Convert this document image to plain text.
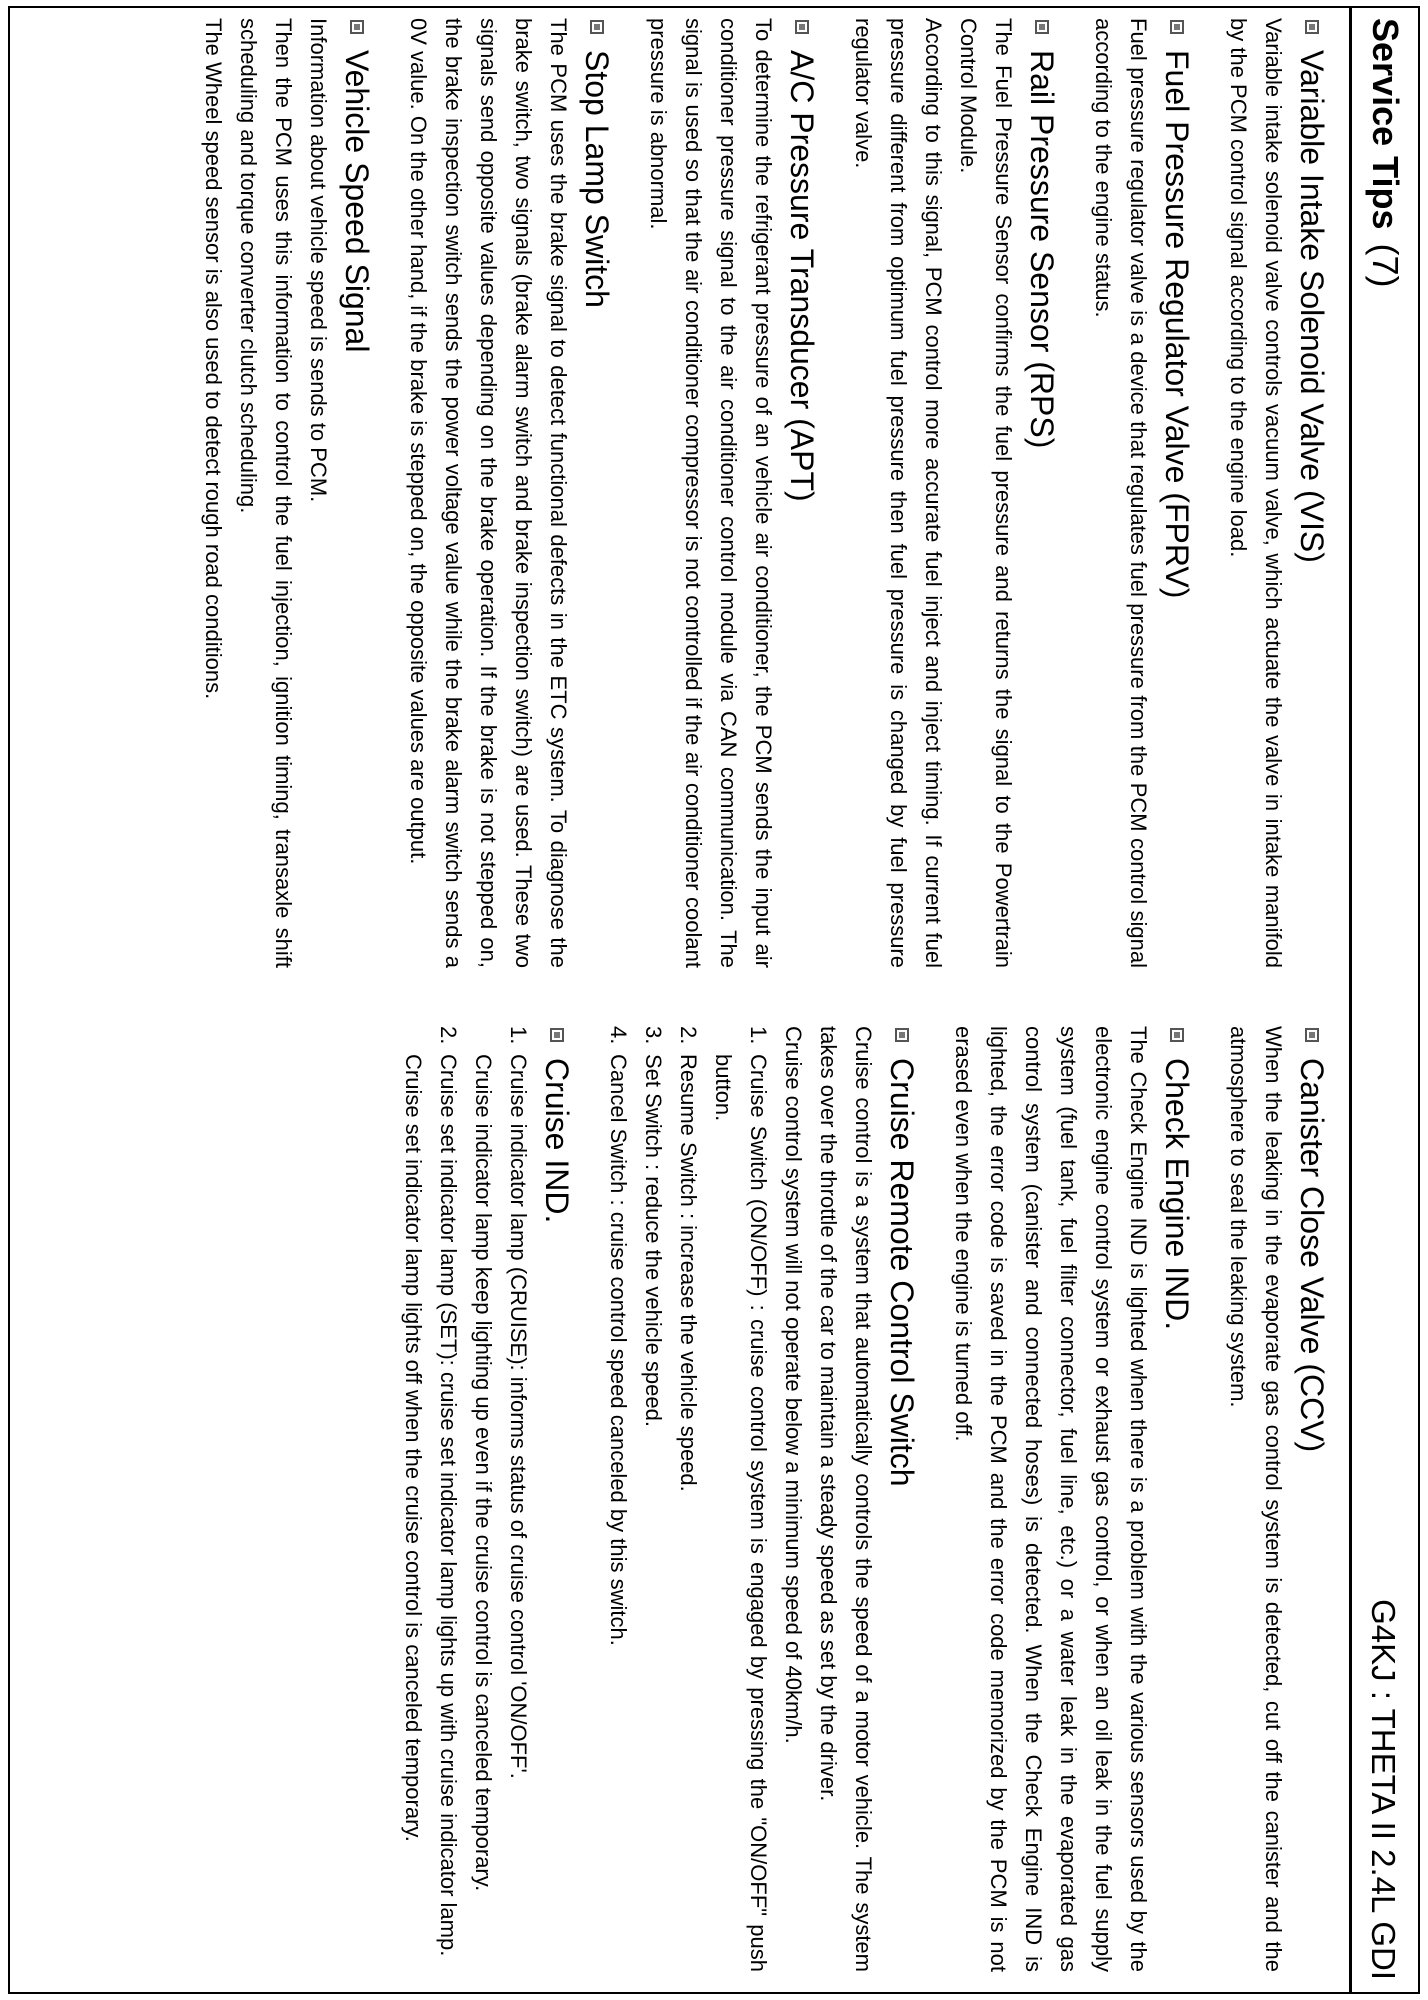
Service Tips(7)
G4KJ : THETA II 2.4L GDI
Variable Intake Solenoid Valve (VIS)

Variable intake solenoid valve controls vacuum valve, which actuate the valve in intake manifold by the PCM control signal according to the engine load.

Fuel Pressure Regulator Valve (FPRV)

Fuel pressure regulator valve is a device that regulates fuel pressure from the PCM control signal according to the engine status.

Rail Pressure Sensor (RPS)

The Fuel Pressure Sensor confirms the fuel pressure and returns the signal to the Powertrain Control Module.

According to this signal, PCM control more accurate fuel inject and inject timing. If current fuel pressure different from optimum fuel pressure then fuel pressure is changed by fuel pressure regulator valve.

A/C Pressure Transducer (APT)

To determine the refrigerant pressure of an vehicle air conditioner, the PCM sends the input air conditioner pressure signal to the air conditioner control module via CAN communication. The signal is used so that the air conditioner compressor is not controlled if the air conditioner coolant pressure is abnormal.

Stop Lamp Switch

The PCM uses the brake signal to detect functional defects in the ETC system. To diagnose the brake switch, two signals (brake alarm switch and brake inspection switch) are used. These two signals send opposite values depending on the brake operation. If the brake is not stepped on, the brake inspection switch sends the power voltage value while the brake alarm switch sends a 0V value. On the other hand, if the brake is stepped on, the opposite values are output.

Vehicle Speed Signal

Information about vehicle speed is sends to PCM.

Then the PCM uses this information to control the fuel injection, ignition timing, transaxle shift scheduling and torque converter clutch scheduling.

The Wheel speed sensor is also used to detect rough road conditions.

Canister Close Valve (CCV)

When the leaking in the evaporate gas control system is detected, cut off the canister and the atmosphere to seal the leaking system.

Check Engine IND.

The Check Engine IND is lighted when there is a problem with the various sensors used by the electronic engine control system or exhaust gas control, or when an oil leak in the fuel supply system (fuel tank, fuel filter connector, fuel line, etc.) or a water leak in the evaporated gas control system (canister and connected hoses) is detected. When the Check Engine IND is lighted, the error code is saved in the PCM and the error code memorized by the PCM is not erased even when the engine is turned off.

Cruise Remote Control Switch

Cruise control is a system that automatically controls the speed of a motor vehicle. The system takes over the throttle of the car to maintain a steady speed as set by the driver.

Cruise control system will not operate below a minimum speed of 40km/h.

1.
Cruise Switch (ON/OFF) : cruise control system is engaged by pressing the "ON/OFF" push button.
2.
Resume Switch : increase the vehicle speed.
3.
Set Switch : reduce the vehicle speed.
4.
Cancel Switch : cruise control speed canceled by this switch.
Cruise IND.
1.
Cruise indicator lamp (CRUISE): informs status of cruise control 'ON/OFF'.
Cruise indicator lamp keep lighting up even if the cruise control is canceled temporary.
2.
Cruise set indicator lamp (SET): cruise set indicator lamp lights up with cruise indicator lamp.
Cruise set indicator lamp lights off when the cruise control is canceled temporary.
